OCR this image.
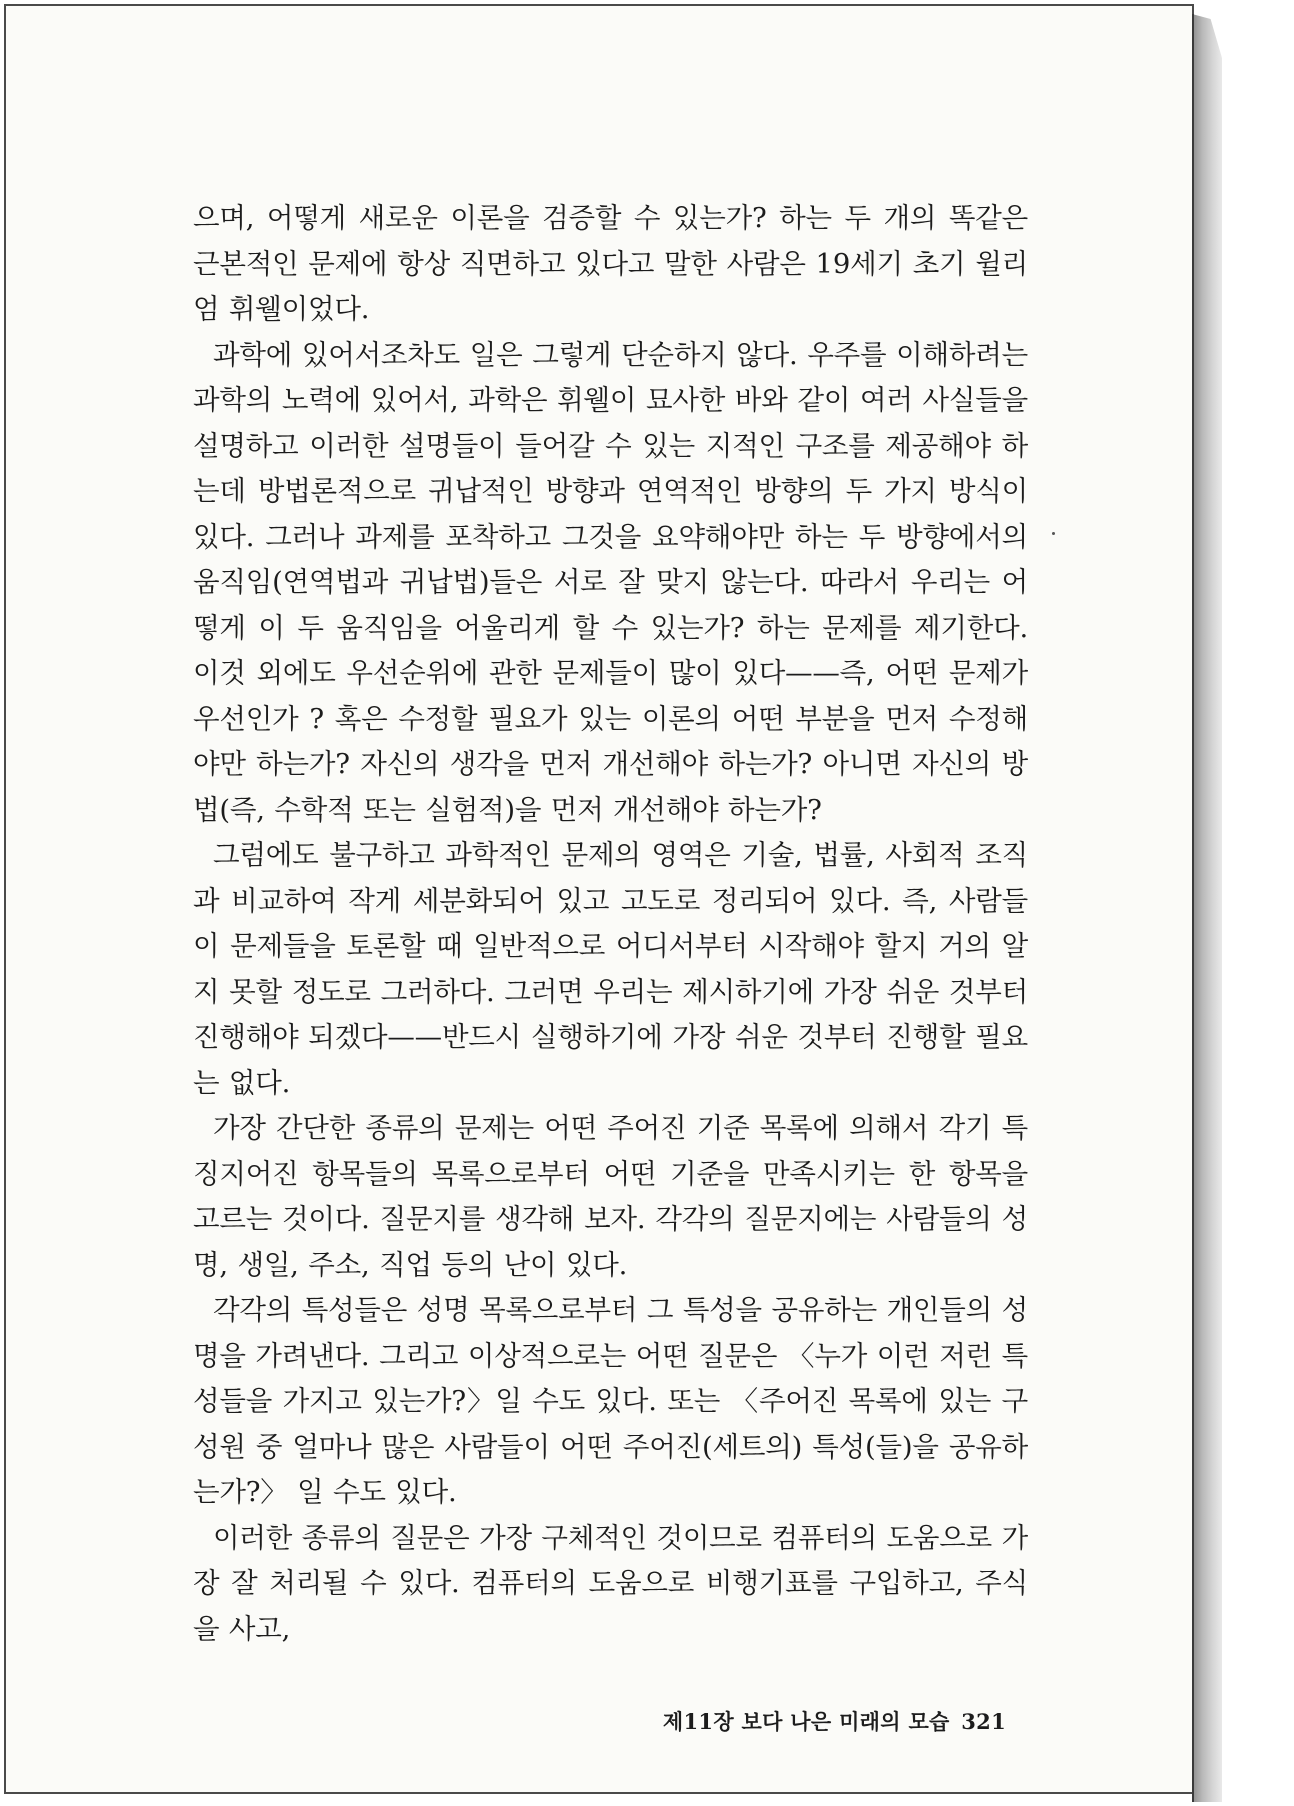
으며, 어떻게 새로운 이론을 검증할 수 있는가? 하는 두 개의 똑같은 근본적인 문제에 항상 직면하고 있다고 말한 사람은 19세기 초기 윌리엄 휘웰이었다.

과학에 있어서조차도 일은 그렇게 단순하지 않다. 우주를 이해하려는 과학의 노력에 있어서, 과학은 휘웰이 묘사한 바와 같이 여러 사실들을 설명하고 이러한 설명들이 들어갈 수 있는 지적인 구조를 제공해야 하는데 방법론적으로 귀납적인 방향과 연역적인 방향의 두 가지 방식이 있다. 그러나 과제를 포착하고 그것을 요약해야만 하는 두 방향에서의 움직임(연역법과 귀납법)들은 서로 잘 맞지 않는다. 따라서 우리는 어떻게 이 두 움직임을 어울리게 할 수 있는가? 하는 문제를 제기한다. 이것 외에도 우선순위에 관한 문제들이 많이 있다——즉, 어떤 문제가 우선인가 ? 혹은 수정할 필요가 있는 이론의 어떤 부분을 먼저 수정해야만 하는가? 자신의 생각을 먼저 개선해야 하는가? 아니면 자신의 방법(즉, 수학적 또는 실험적)을 먼저 개선해야 하는가?

그럼에도 불구하고 과학적인 문제의 영역은 기술, 법률, 사회적 조직과 비교하여 작게 세분화되어 있고 고도로 정리되어 있다. 즉, 사람들이 문제들을 토론할 때 일반적으로 어디서부터 시작해야 할지 거의 알지 못할 정도로 그러하다. 그러면 우리는 제시하기에 가장 쉬운 것부터 진행해야 되겠다——반드시 실행하기에 가장 쉬운 것부터 진행할 필요는 없다.

가장 간단한 종류의 문제는 어떤 주어진 기준 목록에 의해서 각기 특징지어진 항목들의 목록으로부터 어떤 기준을 만족시키는 한 항목을 고르는 것이다. 질문지를 생각해 보자. 각각의 질문지에는 사람들의 성명, 생일, 주소, 직업 등의 난이 있다.

각각의 특성들은 성명 목록으로부터 그 특성을 공유하는 개인들의 성명을 가려낸다. 그리고 이상적으로는 어떤 질문은 〈누가 이런 저런 특성들을 가지고 있는가?〉일 수도 있다. 또는 〈주어진 목록에 있는 구성원 중 얼마나 많은 사람들이 어떤 주어진(세트의) 특성(들)을 공유하는가?〉 일 수도 있다.

이러한 종류의 질문은 가장 구체적인 것이므로 컴퓨터의 도움으로 가장 잘 처리될 수 있다. 컴퓨터의 도움으로 비행기표를 구입하고, 주식을 사고,

제11장 보다 나은 미래의 모습 321
